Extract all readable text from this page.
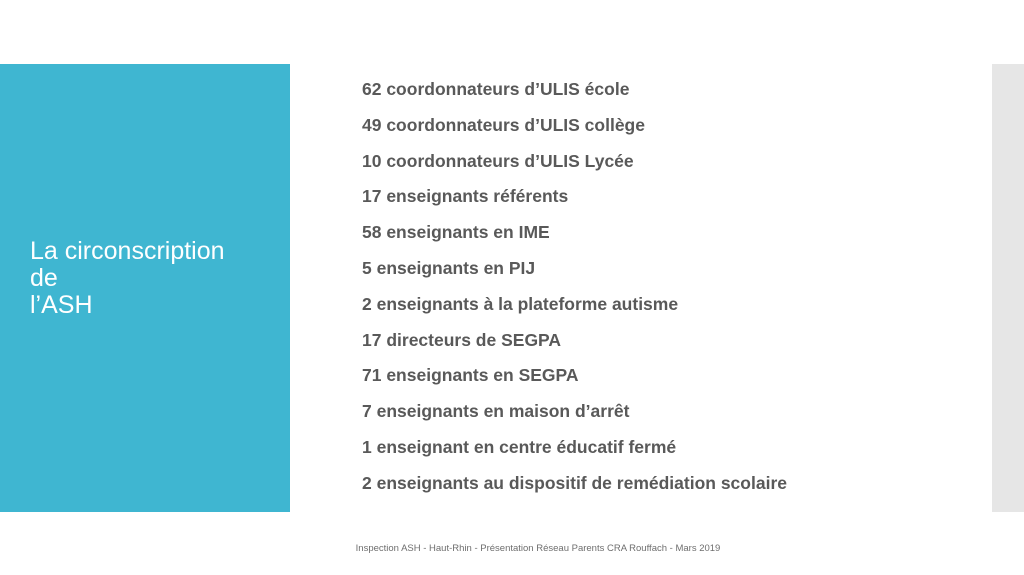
La circonscription
de
l’ASH
62 coordonnateurs d’ULIS école
49 coordonnateurs d’ULIS collège
10 coordonnateurs d’ULIS Lycée
17 enseignants référents
58 enseignants en IME
5 enseignants en PIJ
2 enseignants à la plateforme autisme
17 directeurs de SEGPA
71 enseignants en SEGPA
7 enseignants en maison d’arrêt
1 enseignant en centre éducatif fermé
2 enseignants au dispositif de remédiation scolaire
Inspection ASH - Haut-Rhin - Présentation Réseau Parents CRA Rouffach - Mars 2019
